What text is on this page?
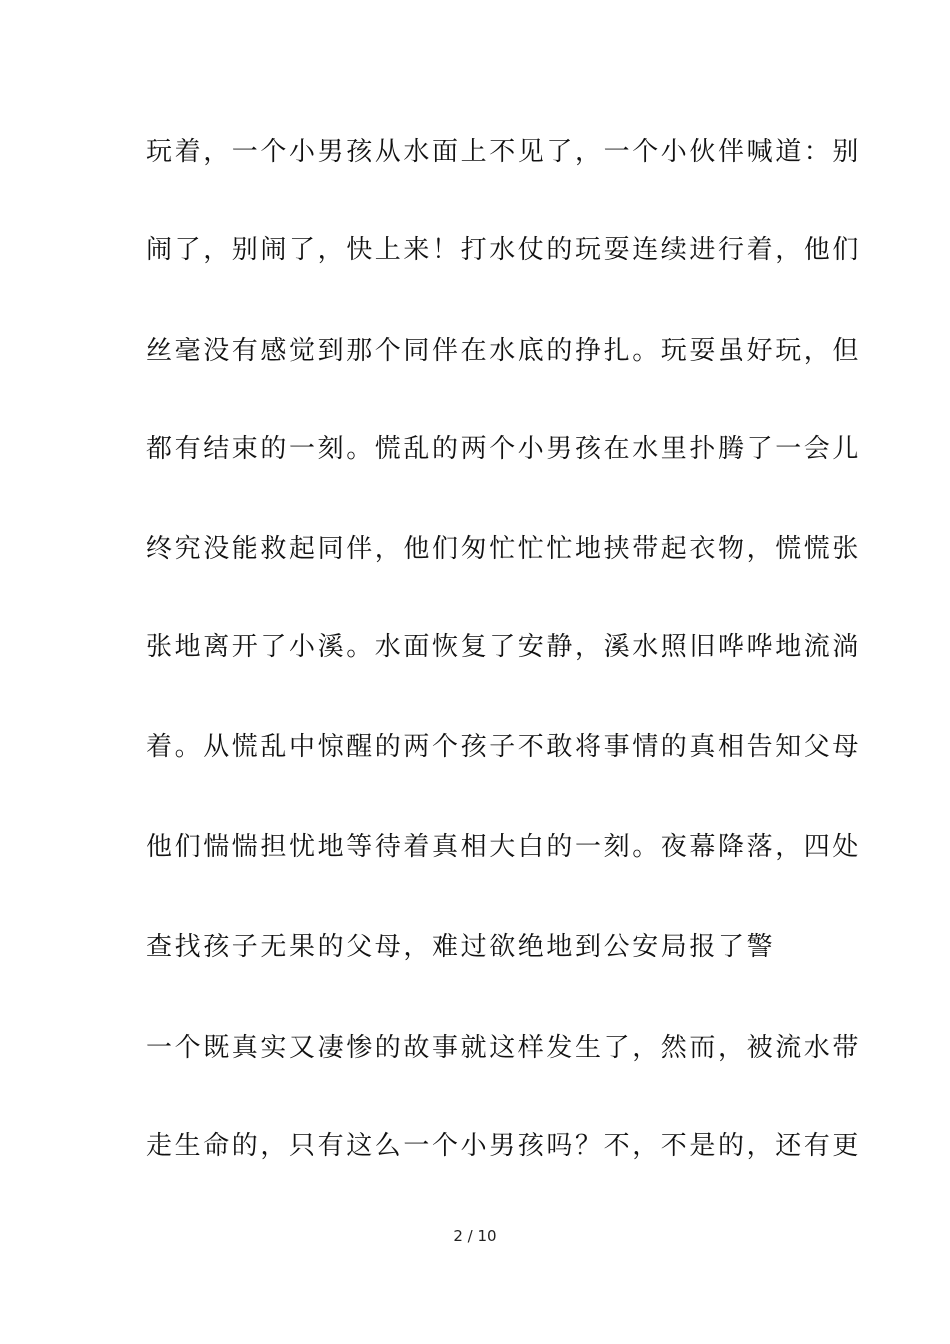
玩着，一个小男孩从水面上不见了，一个小伙伴喊道：别
闹了，别闹了，快上来！打水仗的玩耍连续进行着，他们
丝毫没有感觉到那个同伴在水底的挣扎。玩耍虽好玩，但
都有结束的一刻。慌乱的两个小男孩在水里扑腾了一会儿
终究没能救起同伴，他们匆忙忙忙地挟带起衣物，慌慌张
张地离开了小溪。水面恢复了安静，溪水照旧哗哗地流淌
着。从慌乱中惊醒的两个孩子不敢将事情的真相告知父母
他们惴惴担忧地等待着真相大白的一刻。夜幕降落，四处
查找孩子无果的父母，难过欲绝地到公安局报了警
一个既真实又凄惨的故事就这样发生了，然而，被流水带
走生命的，只有这么一个小男孩吗？不，不是的，还有更
2 / 10
